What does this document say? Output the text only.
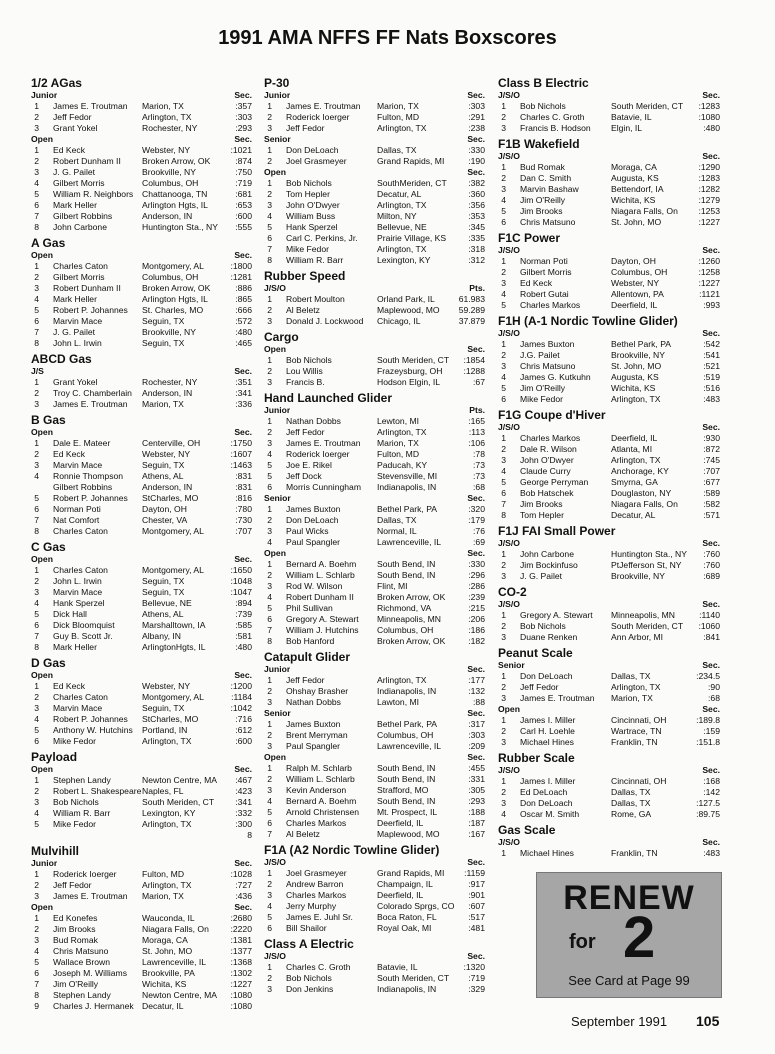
1991 AMA NFFS FF Nats Boxscores
1/2 AGas
Junior	Sec.
1 James E. Troutman	Marion, TX	:357
2 Jeff Fedor	Arlington, TX	:303
3 Grant Yokel	Rochester, NY	:293
Open	Sec.
1 Ed Keck	Webster, NY	:1021
2 Robert Dunham II	Broken Arrow, OK	:874
3 J. G. Pailet	Brookville, NY	:750
4 Gilbert Morris	Columbus, OH	:719
5 William R. Neighbors	Chattanooga, TN	:681
6 Mark Heller	Arlington Hgts, IL	:653
7 Gilbert Robbins	Anderson, IN	:600
8 John Carbone	Huntington Sta., NY	:555
A Gas
Open	Sec.
1 Charles Caton	Montgomery, AL	:1800
2 Gilbert Morris	Columbus, OH	:1281
3 Robert Dunham II	Broken Arrow, OK	:886
4 Mark Heller	Arlington Hgts, IL	:865
5 Robert P. Johannes	St. Charles, MO	:666
6 Marvin Mace	Seguin, TX	:572
7 J. G. Pailet	Brookville, NY	:480
8 John L. Irwin	Seguin, TX	:465
ABCD Gas
J/S	Sec.
1 Grant Yokel	Rochester, NY	:351
2 Troy C. Chamberlain	Anderson, IN	:341
3 James E. Troutman	Marion, TX	:336
B Gas
Open	Sec.
1 Dale E. Mateer	Centerville, OH	:1750
2 Ed Keck	Webster, NY	:1607
3 Marvin Mace	Seguin, TX	:1463
4 Ronnie Thompson	Athens, AL	:831
Gilbert Robbins	Anderson, IN	:831
5 Robert P. Johannes	StCharles, MO	:816
6 Norman Poti	Dayton, OH	:780
7 Nat Comfort	Chester, VA	:730
8 Charles Caton	Montgomery, AL	:707
C Gas
Open	Sec.
1 Charles Caton	Montgomery, AL	:1650
2 John L. Irwin	Seguin, TX	:1048
3 Marvin Mace	Seguin, TX	:1047
4 Hank Sperzel	Bellevue, NE	:894
5 Dick Hall	Athens, AL	:739
6 Dick Bloomquist	Marshalltown, IA	:585
7 Guy B. Scott Jr.	Albany, IN	:581
8 Mark Heller	ArlingtonHgts, IL	:480
D Gas
Open	Sec.
1 Ed Keck	Webster, NY	:1200
2 Charles Caton	Montgomery, AL	:1184
3 Marvin Mace	Seguin, TX	:1042
4 Robert P. Johannes	StCharles, MO	:716
5 Anthony W. Hutchins	Portland, IN	:612
6 Mike Fedor	Arlington, TX	:600
Payload
Open	Sec.
1 Stephen Landy	Newton Centre, MA	:467
2 Robert L. Shakespeare Naples, FL	:423
3 Bob Nichols	South Meriden, CT	:341
4 William R. Barr	Lexington, KY	:332
5 Mike Fedor	Arlington, TX	:300
8
Mulvihill
Junior	Sec.
1 Roderick Ioerger	Fulton, MD	:1028
2 Jeff Fedor	Arlington, TX	:727
3 James E. Troutman	Marion, TX	:436
Open	Sec.
1 Ed Konefes	Wauconda, IL	:2680
2 Jim Brooks	Niagara Falls, On	:2220
3 Bud Romak	Moraga, CA	:1381
4 Chris Matsuno	St. John, MO	:1377
5 Wallace Brown	Lawrenceville, IL	:1368
6 Joseph M. Williams	Brookville, PA	:1302
7 Jim O'Reilly	Wichita, KS	:1227
8 Stephen Landy	Newton Centre, MA	:1080
9 Charles J. Hermanek Decatur, IL	:1080
P-30
Junior	Sec.
1 James E. Troutman	Marion, TX	:303
2 Roderick Ioerger	Fulton, MD	:291
3 Jeff Fedor	Arlington, TX	:238
Senior	Sec.
1 Don DeLoach	Dallas, TX	:330
2 Joel Grasmeyer	Grand Rapids, MI	:190
Open	Sec.
1 Bob Nichols	SouthMeriden, CT	:382
2 Tom Hepler	Decatur, AL	:360
3 John O'Dwyer	Arlington, TX	:356
4 William Buss	Milton, NY	:353
5 Hank Sperzel	Bellevue, NE	:345
6 Carl C. Perkins, Jr.	Prairie Village, KS	:335
7 Mike Fedor	Arlington, TX	:318
8 William R. Barr	Lexington, KY	:312
Rubber Speed
J/S/O	Pts.
1 Robert Moulton	Orland Park, IL	61.983
2 Al Beletz	Maplewood, MO	59.289
3 Donald J. Lockwood	Chicago, IL	37.879
Cargo
Open	Sec.
1 Bob Nichols	South Meriden, CT	:1854
2 Lou Willis	Frazeysburg, OH	:1288
3 Francis B.	Hodson Elgin, IL	:67
Hand Launched Glider
Junior	Pts.
1 Nathan Dobbs	Lewton, MI	:165
2 Jeff Fedor	Arlington, TX	:113
3 James E. Troutman	Marion, TX	:106
4 Roderick Ioerger	Fulton, MD	:78
5 Joe E. Rikel	Paducah, KY	:73
5 Jeff Dock	Stevensville, MI	:73
6 Morris Cunningham	Indianapolis, IN	:68
Senior	Sec.
1 James Buxton	Bethel Park, PA	:320
2 Don DeLoach	Dallas, TX	:179
3 Paul Wicks	Normal, IL	:76
4 Paul Spangler	Lawrenceville, IL	:69
Open	Sec.
1 Bernard A. Boehm	South Bend, IN	:330
2 William L. Schlarb	South Bend, IN	:296
3 Rod W. Wilson	Flint, MI	:286
4 Robert Dunham II	Broken Arrow, OK	:239
5 Phil Sullivan	Richmond, VA	:215
6 Gregory A. Stewart	Minneapolis, MN	:206
7 William J. Hutchins	Columbus, OH	:186
8 Bob Hanford	Broken Arrow, OK	:182
Catapult Glider
Junior	Sec.
1 Jeff Fedor	Arlington, TX	:177
2 Ohshay Brasher	Indianapolis, IN	:132
3 Nathan Dobbs	Lawton, MI	:88
Senior	Sec.
1 James Buxton	Bethel Park, PA	:317
2 Brent Merryman	Columbus, OH	:303
3 Paul Spangler	Lawrenceville, IL	:209
Open	Sec.
1 Ralph M. Schlarb	South Bend, IN	:455
2 William L. Schlarb	South Bend, IN	:331
3 Kevin Anderson	Strafford, MO	:305
4 Bernard A. Boehm	South Bend, IN	:293
5 Arnold Christensen	Mt. Prospect, IL	:188
6 Charles Markos	Deerfield, IL	:187
7 Al Beletz	Maplewood, MO	:167
F1A (A2 Nordic Towline Glider)
J/S/O	Sec.
1 Joel Grasmeyer	Grand Rapids, MI	:1159
2 Andrew Barron	Champaign, IL	:917
3 Charles Markos	Deerfield, IL	:901
4 Jerry Murphy	Colorado Sprgs, CO	:607
5 James E. Juhl Sr.	Boca Raton, FL	:517
6 Bill Shailor	Royal Oak, MI	:481
Class A Electric
J/S/O	Sec.
1 Charles C. Groth	Batavie, IL	:1320
2 Bob Nichols	South Meriden, CT	:719
3 Don Jenkins	Indianapolis, IN	:329
Class B Electric
J/S/O	Sec.
1 Bob Nichols	South Meriden, CT	:1283
2 Charles C. Groth	Batavie, IL	:1080
3 Francis B. Hodson	Elgin, IL	:480
F1B Wakefield
J/S/O	Sec.
1 Bud Romak	Moraga, CA	:1290
2 Dan C. Smith	Augusta, KS	:1283
3 Marvin Bashaw	Bettendorf, IA	:1282
4 Jim O'Reilly	Wichita, KS	:1279
5 Jim Brooks	Niagara Falls, On	:1253
6 Chris Matsuno	St. John, MO	:1227
F1C Power
J/S/O	Sec.
1 Norman Poti	Dayton, OH	:1260
2 Gilbert Morris	Columbus, OH	:1258
3 Ed Keck	Webster, NY	:1227
4 Robert Gutai	Allentown, PA	:1121
5 Charles Markos	Deerfield, IL	:993
F1H (A-1 Nordic Towline Glider)
J/S/O	Sec.
1 James Buxton	Bethel Park, PA	:542
2 J.G. Pailet	Brookville, NY	:541
3 Chris Matsuno	St. John, MO	:521
4 James G. Kutkuhn	Augusta, KS	:519
5 Jim O'Reilly	Wichita, KS	:516
6 Mike Fedor	Arlington, TX	:483
F1G Coupe d'Hiver
J/S/O	Sec.
1 Charles Markos	Deerfield, IL	:930
2 Dale R. Wilson	Atlanta, MI	:872
3 John O'Dwyer	Arlington, TX	:745
4 Claude Curry	Anchorage, KY	:707
5 George Perryman	Smyrna, GA	:677
6 Bob Hatschek	Douglaston, NY	:589
7 Jim Brooks	Niagara Falls, On	:582
8 Tom Hepler	Decatur, AL	:571
F1J FAI Small Power
J/S/O	Sec.
1 John Carbone	Huntington Sta., NY	:760
2 Jim Bockinfuso	PtJefferson St, NY	:760
3 J. G. Pailet	Brookville, NY	:689
CO-2
J/S/O	Sec.
1 Gregory A. Stewart	Minneapolis, MN	:1140
2 Bob Nichols	South Meriden, CT	:1060
3 Duane Renken	Ann Arbor, MI	:841
Peanut Scale
Senior	Sec.
1 Don DeLoach	Dallas, TX	:234.5
2 Jeff Fedor	Arlington, TX	:90
3 James E. Troutman	Marion, TX	:68
Open	Sec.
1 James I. Miller	Cincinnati, OH	:189.8
2 Carl H. Loehle	Wartrace, TN	:159
3 Michael Hines	Franklin, TN	:151.8
Rubber Scale
J/S/O	Sec.
1 James I. Miller	Cincinnati, OH	:168
2 Ed DeLoach	Dallas, TX	:142
3 Don DeLoach	Dallas, TX	:127.5
4 Oscar M. Smith	Rome, GA	:89.75
Gas Scale
J/S/O	Sec.
1 Michael Hines	Franklin, TN	:483
RENEW
for 2
See Card at Page 99
September 1991 105
